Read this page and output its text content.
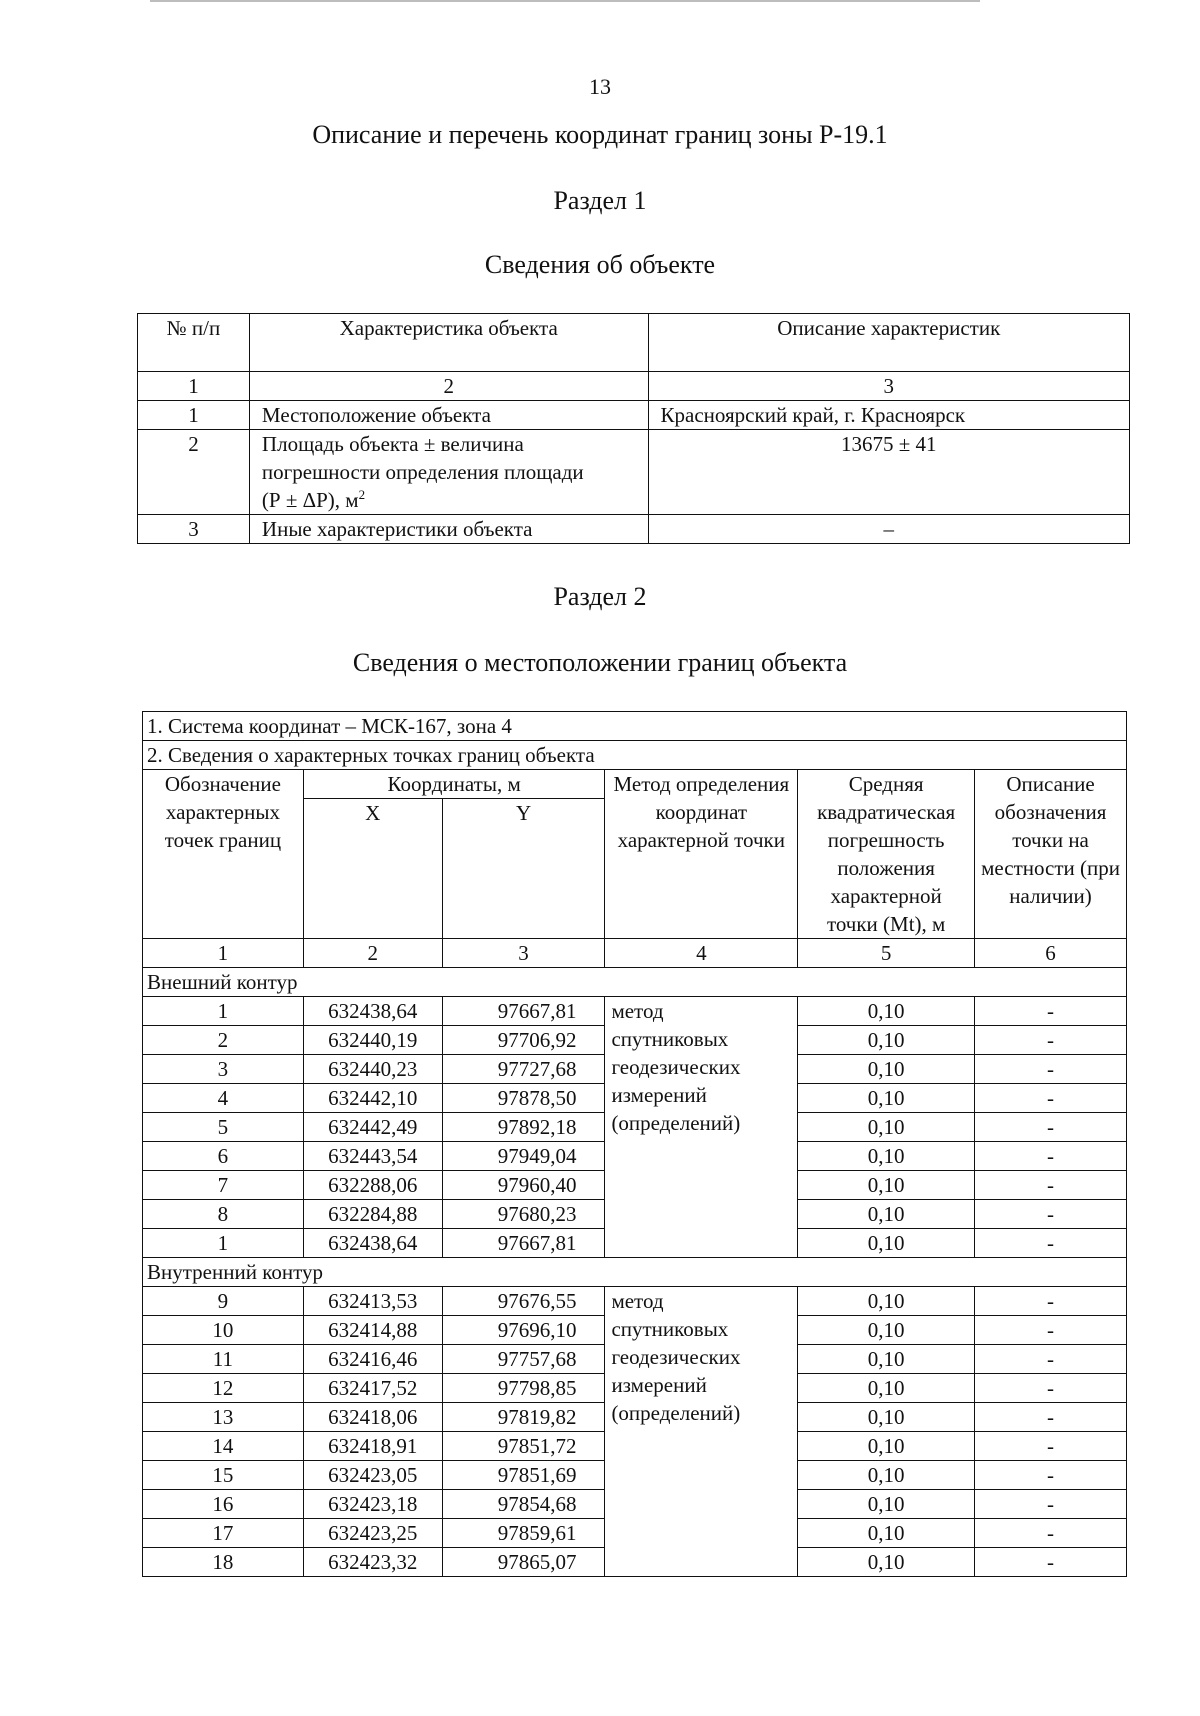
13
Описание и перечень координат границ зоны Р-19.1
Раздел 1
Сведения об объекте
№ п/п	Характеристика объекта	Описание характеристик
1	2	3
1	Местоположение объекта	Красноярский край, г. Красноярск
2	Площадь объекта ± величина
погрешности определения площади
(Р ± ΔР), $м^2$	13675 ± 41
3	Иные характеристики объекта	–
Раздел 2
Сведения о местоположении границ объекта
1. Система координат – МСК-167, зона 4					
2. Сведения о характерных точках границ объекта					
Обозначение характерных точек границ	Координаты, м		Метод определения координат характерной точки	Средняя квадратическая погрешность положения характерной точки (Mt), м	Описание обозначения точки на местности (при наличии)
	X	Y			
1	2	3	4	5	6
Внешний контур					
1	632438,64	97667,81	метод
спутниковых
геодезических
измерений
(определений)	0,10	-
2	632440,19	97706,92		0,10	-
3	632440,23	97727,68		0,10	-
4	632442,10	97878,50		0,10	-
5	632442,49	97892,18		0,10	-
6	632443,54	97949,04		0,10	-
7	632288,06	97960,40		0,10	-
8	632284,88	97680,23		0,10	-
1	632438,64	97667,81		0,10	-
Внутренний контур					
9	632413,53	97676,55	метод
спутниковых
геодезических
измерений
(определений)	0,10	-
10	632414,88	97696,10		0,10	-
11	632416,46	97757,68		0,10	-
12	632417,52	97798,85		0,10	-
13	632418,06	97819,82		0,10	-
14	632418,91	97851,72		0,10	-
15	632423,05	97851,69		0,10	-
16	632423,18	97854,68		0,10	-
17	632423,25	97859,61		0,10	-
18	632423,32	97865,07		0,10	-
